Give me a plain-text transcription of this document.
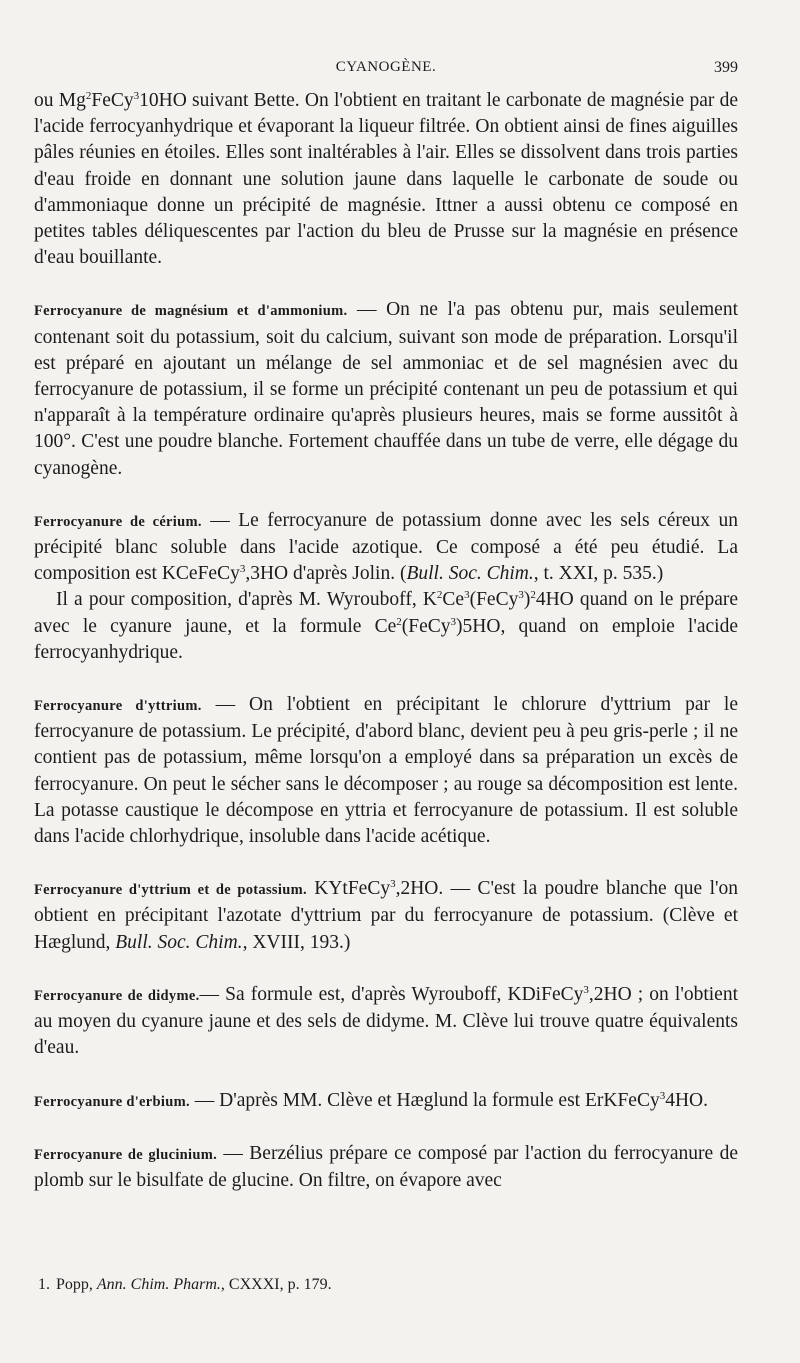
CYANOGÈNE.	399

ou Mg$^2$FeCy$^3$10HO suivant Bette. On l'obtient en traitant le carbonate de magnésie par de l'acide ferrocyanhydrique et évaporant la liqueur filtrée. On obtient ainsi de fines aiguilles pâles réunies en étoiles. Elles sont inaltérables à l'air. Elles se dissolvent dans trois parties d'eau froide en donnant une solution jaune dans laquelle le carbonate de soude ou d'ammoniaque donne un précipité de magnésie. Ittner a aussi obtenu ce composé en petites tables déliquescentes par l'action du bleu de Prusse sur la magnésie en présence d'eau bouillante.

Ferrocyanure de magnésium et d'ammonium. — On ne l'a pas obtenu pur, mais seulement contenant soit du potassium, soit du calcium, suivant son mode de préparation. Lorsqu'il est préparé en ajoutant un mélange de sel ammoniac et de sel magnésien avec du ferrocyanure de potassium, il se forme un précipité contenant un peu de potassium et qui n'apparaît à la température ordinaire qu'après plusieurs heures, mais se forme aussitôt à 100°. C'est une poudre blanche. Fortement chauffée dans un tube de verre, elle dégage du cyanogène.

Ferrocyanure de cérium. — Le ferrocyanure de potassium donne avec les sels céreux un précipité blanc soluble dans l'acide azotique. Ce composé a été peu étudié. La composition est KCeFeCy$^3$,3HO d'après Jolin. (Bull. Soc. Chim., t. XXI, p. 535.)

Il a pour composition, d'après M. Wyrouboff, $K^2Ce^3(FeCy^3)^24HO$ quand on le prépare avec le cyanure jaune, et la formule Ce$^2$(FeCy$^3$)5HO, quand on emploie l'acide ferrocyanhydrique.

Ferrocyanure d'yttrium. — On l'obtient en précipitant le chlorure d'yttrium par le ferrocyanure de potassium. Le précipité, d'abord blanc, devient peu à peu gris-perle ; il ne contient pas de potassium, même lorsqu'on a employé dans sa préparation un excès de ferrocyanure. On peut le sécher sans le décomposer ; au rouge sa décomposition est lente. La potasse caustique le décompose en yttria et ferrocyanure de potassium. Il est soluble dans l'acide chlorhydrique, insoluble dans l'acide acétique.

Ferrocyanure d'yttrium et de potassium. KYtFeCy$^3$,2HO. — C'est la poudre blanche que l'on obtient en précipitant l'azotate d'yttrium par du ferrocyanure de potassium. (Clève et Hæglund, Bull. Soc. Chim., XVIII, 193.)

Ferrocyanure de didyme.— Sa formule est, d'après Wyrouboff, KDiFeCy$^3$,2HO ; on l'obtient au moyen du cyanure jaune et des sels de didyme. M. Clève lui trouve quatre équivalents d'eau.

Ferrocyanure d'erbium. — D'après MM. Clève et Hæglund la formule est ErKFeCy$^3$4HO.

Ferrocyanure de glucinium. — Berzélius prépare ce composé par l'action du ferrocyanure de plomb sur le bisulfate de glucine. On filtre, on évapore avec

1. Popp, Ann. Chim. Pharm., CXXXI, p. 179.
